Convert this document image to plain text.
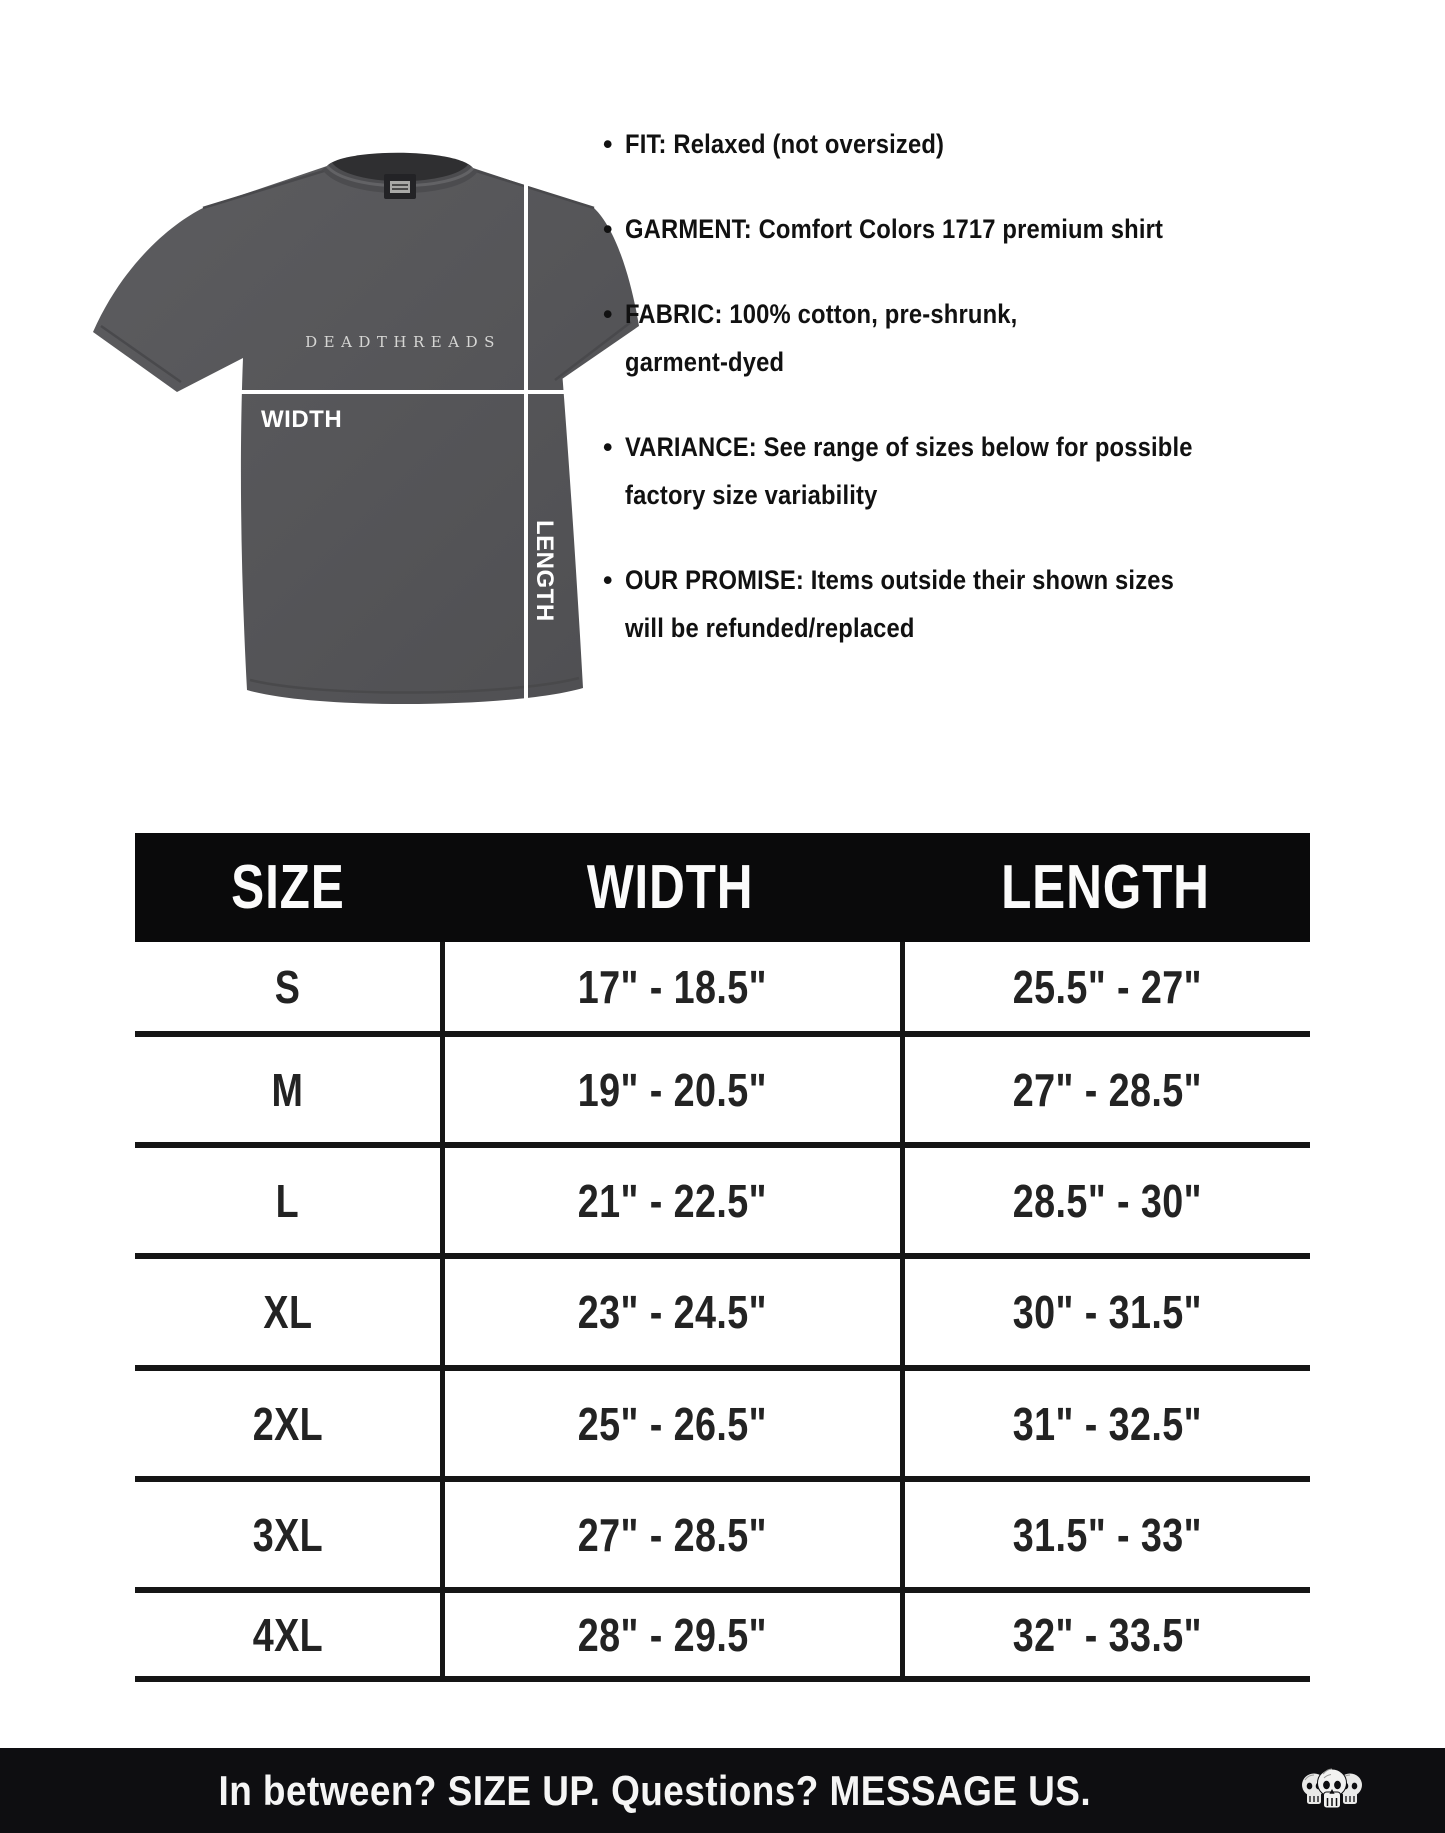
DEADTHREADS
WIDTH
LENGTH
• FIT: Relaxed (not oversized)
• GARMENT: Comfort Colors 1717 premium shirt
• FABRIC: 100% cotton, pre-shrunk,
garment-dyed
• VARIANCE: See range of sizes below for possible
factory size variability
• OUR PROMISE: Items outside their shown sizes
will be refunded/replaced
SIZE	WIDTH	LENGTH
S	17" - 18.5"	25.5" - 27"
M	19" - 20.5"	27" - 28.5"
L	21" - 22.5"	28.5" - 30"
XL	23" - 24.5"	30" - 31.5"
2XL	25" - 26.5"	31" - 32.5"
3XL	27" - 28.5"	31.5" - 33"
4XL	28" - 29.5"	32" - 33.5"
In between? SIZE UP. Questions? MESSAGE US.
